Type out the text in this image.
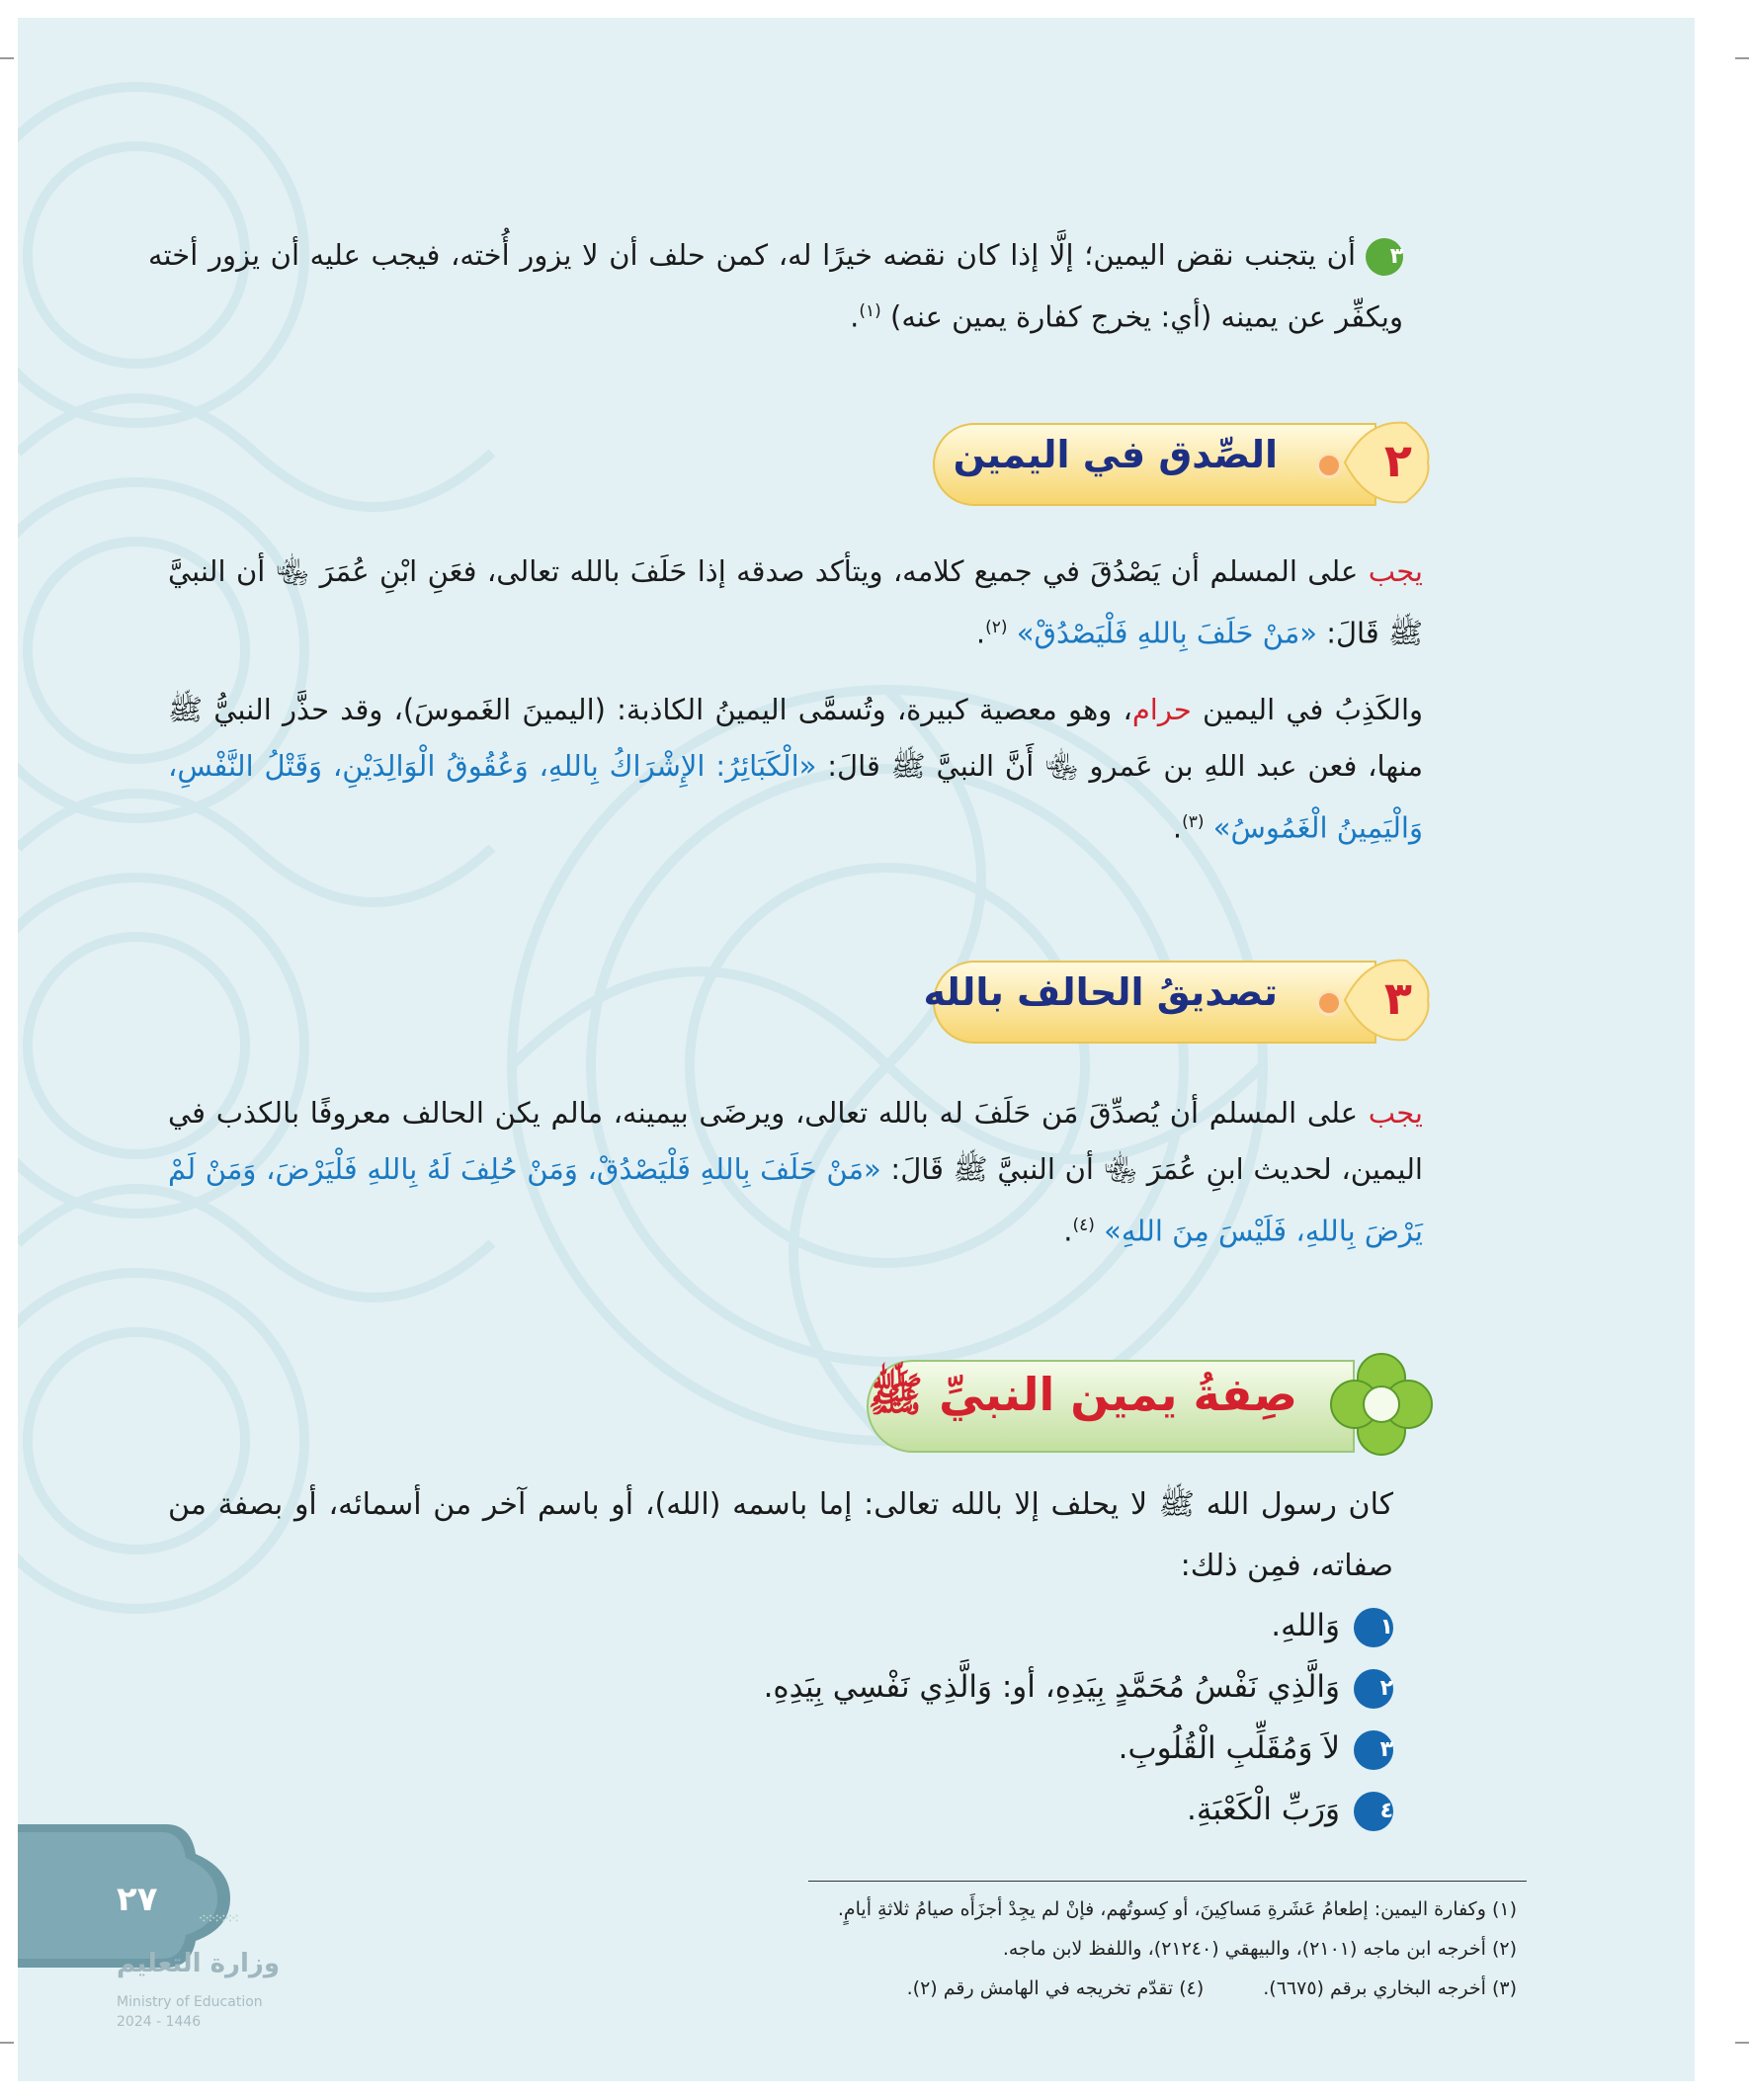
٣أن يتجنب نقض اليمين؛ إلَّا إذا كان نقضه خيرًا له، كمن حلف أن لا يزور أُخته، فيجب عليه أن يزور أخته ويكفِّر عن يمينه (أي: يخرج كفارة يمين عنه) $^{(١)}$.

٢
الصِّدق في اليمين

يجب على المسلم أن يَصْدُقَ في جميع كلامه، ويتأكد صدقه إذا حَلَفَ بالله تعالى، فعَنِ ابْنِ عُمَرَ ﵄ أن النبيَّ ﷺ قَالَ: «مَنْ حَلَفَ بِاللهِ فَلْيَصْدُقْ» $^{(٢)}$.

والكَذِبُ في اليمين حرام، وهو معصية كبيرة، وتُسمَّى اليمينُ الكاذبة: (اليمينَ الغَموسَ)، وقد حذَّر النبيُّ ﷺ منها، فعن عبد اللهِ بن عَمرو ﵄ أَنَّ النبيَّ ﷺ قالَ: «الْكَبَائِرُ: الإِشْرَاكُ بِاللهِ، وَعُقُوقُ الْوَالِدَيْنِ، وَقَتْلُ النَّفْسِ، وَالْيَمِينُ الْغَمُوسُ» $^{(٣)}$.

٣
تصديقُ الحالف بالله

يجب على المسلم أن يُصدِّقَ مَن حَلَفَ له بالله تعالى، ويرضَى بيمينه، مالم يكن الحالف معروفًا بالكذب في اليمين، لحديث ابنِ عُمَرَ ﵄ أن النبيَّ ﷺ قَالَ: «مَنْ حَلَفَ بِاللهِ فَلْيَصْدُقْ، وَمَنْ حُلِفَ لَهُ بِاللهِ فَلْيَرْضَ، وَمَنْ لَمْ يَرْضَ بِاللهِ، فَلَيْسَ مِنَ اللهِ» $^{(٤)}$.

صِفةُ يمين النبيِّ ﷺ

كان رسول الله ﷺ لا يحلف إلا بالله تعالى: إما باسمه (الله)، أو باسم آخر من أسمائه، أو بصفة من صفاته، فمِن ذلك:

١وَاللهِ.

٢وَالَّذِي نَفْسُ مُحَمَّدٍ بِيَدِهِ، أو: وَالَّذِي نَفْسِي بِيَدِهِ.

٣لاَ وَمُقَلِّبِ الْقُلُوبِ.

٤وَرَبِّ الْكَعْبَةِ.

(١) وكفارة اليمين: إطعامُ عَشَرةِ مَساكِينَ، أو كِسوتُهم، فإنْ لم يجِدْ أجزَأَه صيامُ ثلاثةِ أيامٍ.

(٢) أخرجه ابن ماجه (٢١٠١)، والبيهقي (٢١٢٤٠)، واللفظ لابن ماجه.

(٣) أخرجه البخاري برقم (٦٦٧٥).
(٤) تقدّم تخريجه في الهامش رقم (٢).
٢٧
وزارة التعليم
Ministry of Education
2024 - 1446
